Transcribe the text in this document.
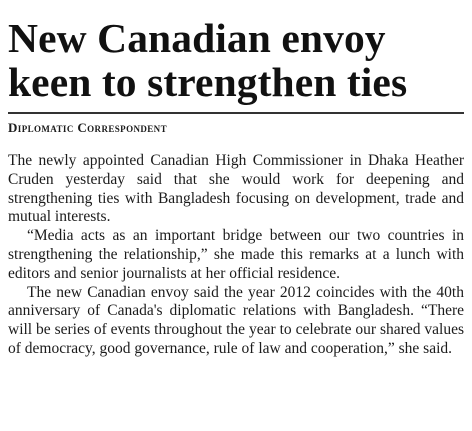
New Canadian envoy
keen to strengthen ties
Diplomatic Correspondent

The newly appointed Canadian High Commissioner in Dhaka Heather Cruden yesterday said that she would work for deepening and strengthening ties with Bangladesh focusing on development, trade and mutual interests.

“Media acts as an important bridge between our two countries in strengthening the relationship,” she made this remarks at a lunch with editors and senior journalists at her official residence.

The new Canadian envoy said the year 2012 coincides with the 40th anniversary of Canada's diplomatic relations with Bangladesh. “There will be series of events throughout the year to celebrate our shared values of democracy, good governance, rule of law and cooperation,” she said.
